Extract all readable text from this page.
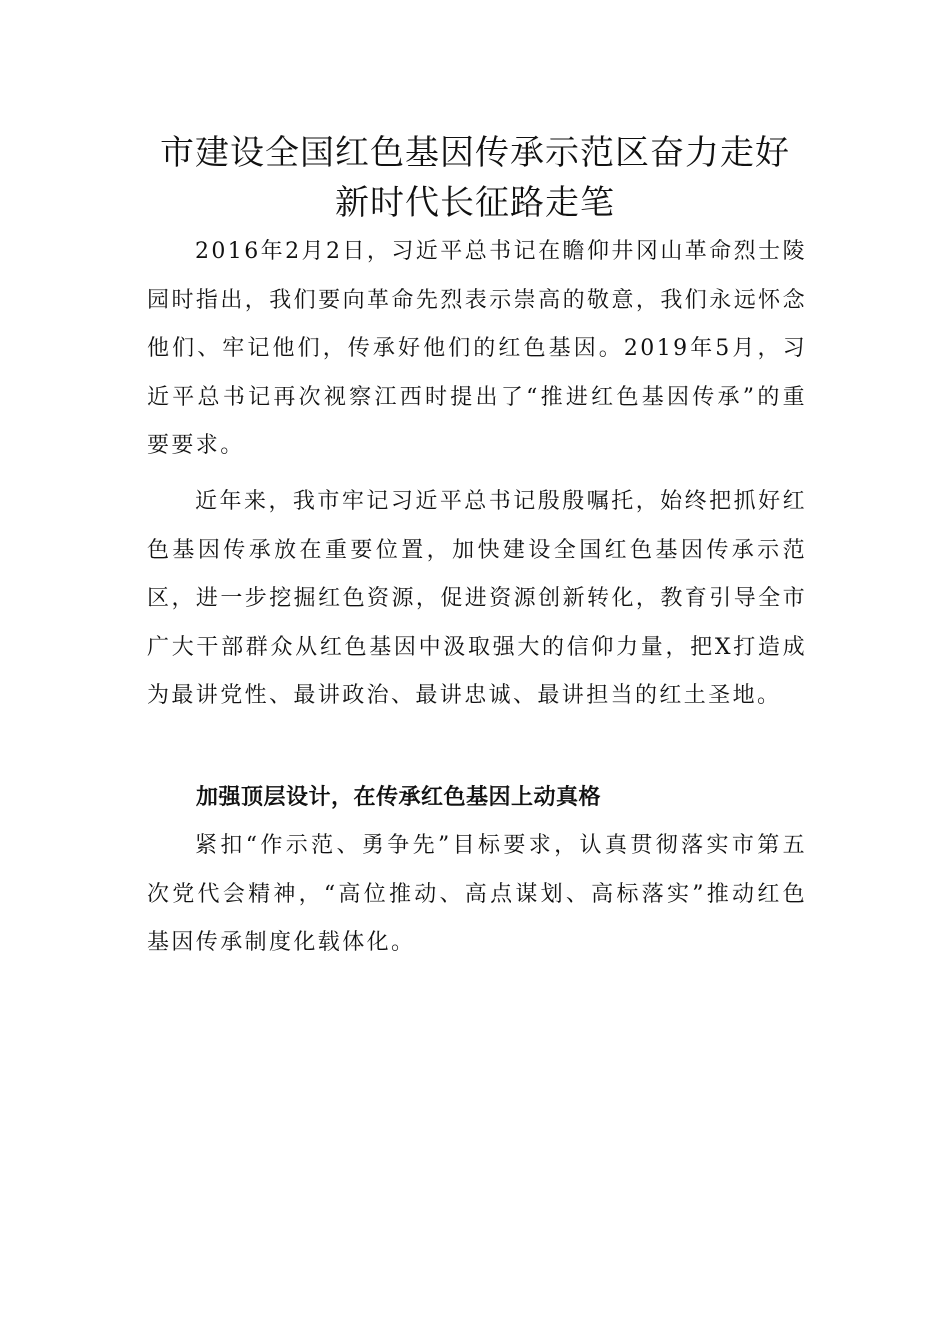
市建设全国红色基因传承示范区奋力走好
新时代长征路走笔

2016年2月2日，习近平总书记在瞻仰井冈山革命烈士陵园时指出，我们要向革命先烈表示崇高的敬意，我们永远怀念他们、牢记他们，传承好他们的红色基因。2019年5月，习近平总书记再次视察江西时提出了“推进红色基因传承”的重要要求。

近年来，我市牢记习近平总书记殷殷嘱托，始终把抓好红色基因传承放在重要位置，加快建设全国红色基因传承示范区，进一步挖掘红色资源，促进资源创新转化，教育引导全市广大干部群众从红色基因中汲取强大的信仰力量，把X打造成为最讲党性、最讲政治、最讲忠诚、最讲担当的红土圣地。

加强顶层设计，在传承红色基因上动真格

紧扣“作示范、勇争先”目标要求，认真贯彻落实市第五次党代会精神，“高位推动、高点谋划、高标落实”推动红色基因传承制度化载体化。
